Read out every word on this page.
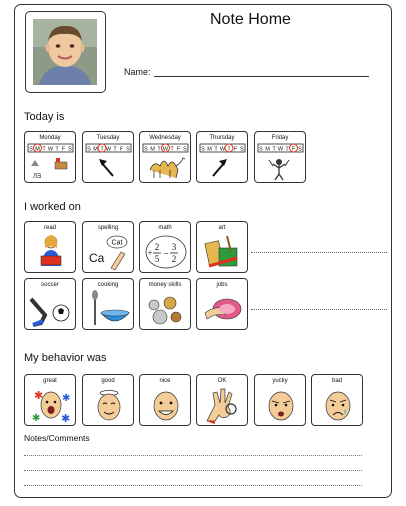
Note Home
Name:
Today is
Monday
S M T W T F S
ЛƎ
Tuesday
S M T W T F S
Wednesday
S M T W T F S
Thursday
S M T W T F S
Friday
S M T W T F S
I worked on
read	spelling
Cat
Ca
math
2
5
3
2
+ –
art
soccer	cooking	money skills	jobs
My behavior was
great
✱ ✱
✱ ✱
good	nice	OK	yucky	bad
Notes/Comments
